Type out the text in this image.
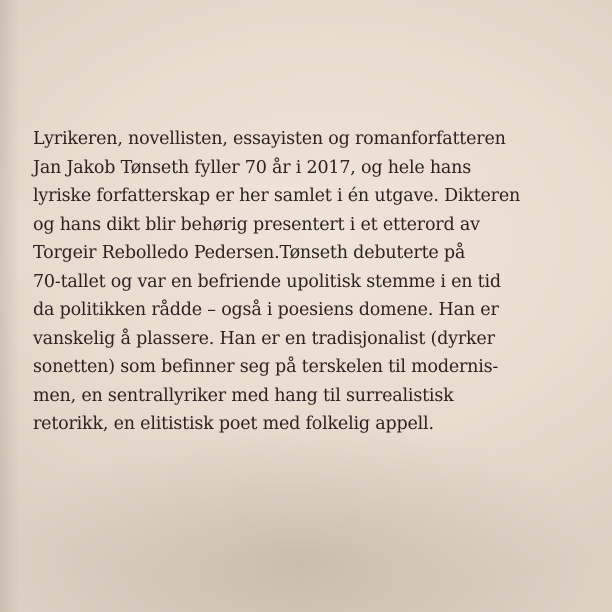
Lyrikeren, novellisten, essayisten og romanforfatteren
Jan Jakob Tønseth fyller 70 år i 2017, og hele hans
lyriske forfatterskap er her samlet i én utgave. Dikteren
og hans dikt blir behørig presentert i et etterord av
Torgeir Rebolledo Pedersen.Tønseth debuterte på
70-tallet og var en befriende upolitisk stemme i en tid
da politikken rådde – også i poesiens domene. Han er
vanskelig å plassere. Han er en tradisjonalist (dyrker
sonetten) som befinner seg på terskelen til modernis-
men, en sentrallyriker med hang til surrealistisk
retorikk, en elitistisk poet med folkelig appell.
